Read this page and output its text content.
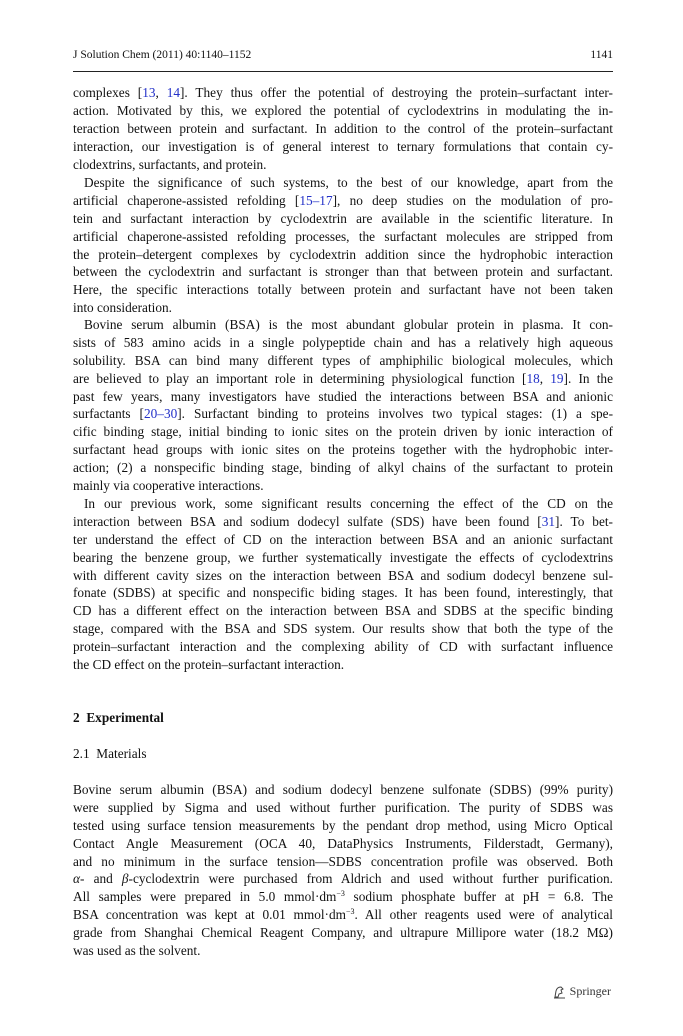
J Solution Chem (2011) 40:1140–1152	1141
complexes [13, 14]. They thus offer the potential of destroying the protein–surfactant inter-
action. Motivated by this, we explored the potential of cyclodextrins in modulating the in-
teraction between protein and surfactant. In addition to the control of the protein–surfactant
interaction, our investigation is of general interest to ternary formulations that contain cy-
clodextrins, surfactants, and protein.
Despite the significance of such systems, to the best of our knowledge, apart from the
artificial chaperone-assisted refolding [15–17], no deep studies on the modulation of pro-
tein and surfactant interaction by cyclodextrin are available in the scientific literature. In
artificial chaperone-assisted refolding processes, the surfactant molecules are stripped from
the protein–detergent complexes by cyclodextrin addition since the hydrophobic interaction
between the cyclodextrin and surfactant is stronger than that between protein and surfactant.
Here, the specific interactions totally between protein and surfactant have not been taken
into consideration.
Bovine serum albumin (BSA) is the most abundant globular protein in plasma. It con-
sists of 583 amino acids in a single polypeptide chain and has a relatively high aqueous
solubility. BSA can bind many different types of amphiphilic biological molecules, which
are believed to play an important role in determining physiological function [18, 19]. In the
past few years, many investigators have studied the interactions between BSA and anionic
surfactants [20–30]. Surfactant binding to proteins involves two typical stages: (1) a spe-
cific binding stage, initial binding to ionic sites on the protein driven by ionic interaction of
surfactant head groups with ionic sites on the proteins together with the hydrophobic inter-
action; (2) a nonspecific binding stage, binding of alkyl chains of the surfactant to protein
mainly via cooperative interactions.
In our previous work, some significant results concerning the effect of the CD on the
interaction between BSA and sodium dodecyl sulfate (SDS) have been found [31]. To bet-
ter understand the effect of CD on the interaction between BSA and an anionic surfactant
bearing the benzene group, we further systematically investigate the effects of cyclodextrins
with different cavity sizes on the interaction between BSA and sodium dodecyl benzene sul-
fonate (SDBS) at specific and nonspecific biding stages. It has been found, interestingly, that
CD has a different effect on the interaction between BSA and SDBS at the specific binding
stage, compared with the BSA and SDS system. Our results show that both the type of the
protein–surfactant interaction and the complexing ability of CD with surfactant influence
the CD effect on the protein–surfactant interaction.
2 Experimental
2.1 Materials
Bovine serum albumin (BSA) and sodium dodecyl benzene sulfonate (SDBS) (99% purity)
were supplied by Sigma and used without further purification. The purity of SDBS was
tested using surface tension measurements by the pendant drop method, using Micro Optical
Contact Angle Measurement (OCA 40, DataPhysics Instruments, Filderstadt, Germany),
and no minimum in the surface tension—SDBS concentration profile was observed. Both
α- and β-cyclodextrin were purchased from Aldrich and used without further purification.
All samples were prepared in 5.0 $mmol\cdot dm^{-3}$ sodium phosphate buffer at pH = 6.8. The
BSA concentration was kept at 0.01 $mmol\cdot dm^{-3}$. All other reagents used were of analytical
grade from Shanghai Chemical Reagent Company, and ultrapure Millipore water (18.2 MΩ)
was used as the solvent.
Springer
